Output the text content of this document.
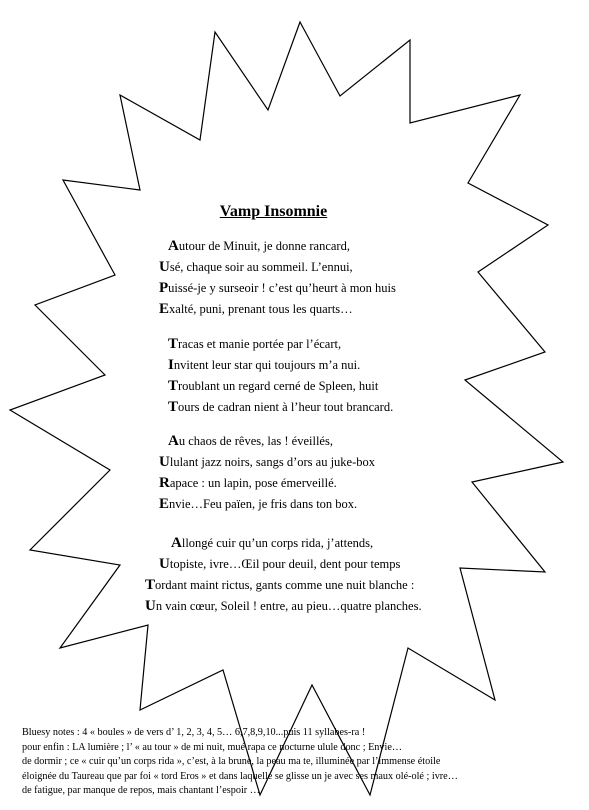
Vamp Insomnie
Autour de Minuit, je donne rancard,
Usé, chaque soir au sommeil. L’ennui,
Puissé-je y surseoir ! c’est qu’heurt à mon huis
Exalté, puni, prenant tous les quarts…
Tracas et manie portée par l’écart,
Invitent leur star qui toujours m’a nui.
Troublant un regard cerné de Spleen, huit
Tours de cadran nient à l’heur tout brancard.
Au chaos de rêves, las ! éveillés,
Ululant jazz noirs, sangs d’ors au juke-box
Rapace : un lapin, pose émerveillé.
Envie…Feu païen, je fris dans ton box.
Allongé cuir qu’un corps rida, j’attends,
Utopiste, ivre…Œil pour deuil, dent pour temps
Tordant maint rictus, gants comme une nuit blanche :
Un vain cœur, Soleil ! entre, au pieu…quatre planches.
Bluesy notes : 4 « boules » de vers d’ 1, 2, 3, 4, 5… 6,7,8,9,10...puis 11 syllabes-ra !
pour enfin : LA lumière ; l’ « au tour » de mi nuit, mué rapa ce nocturne ulule donc ; Envie…
de dormir ; ce « cuir qu’un corps rida », c’est, à la brune, la peau ma te, illuminée par l’immense étoile
éloignée du Taureau que par foi « tord Eros » et dans laquelle se glisse un je avec ses maux olé-olé ; ivre…
de fatigue, par manque de repos, mais chantant l’espoir …
